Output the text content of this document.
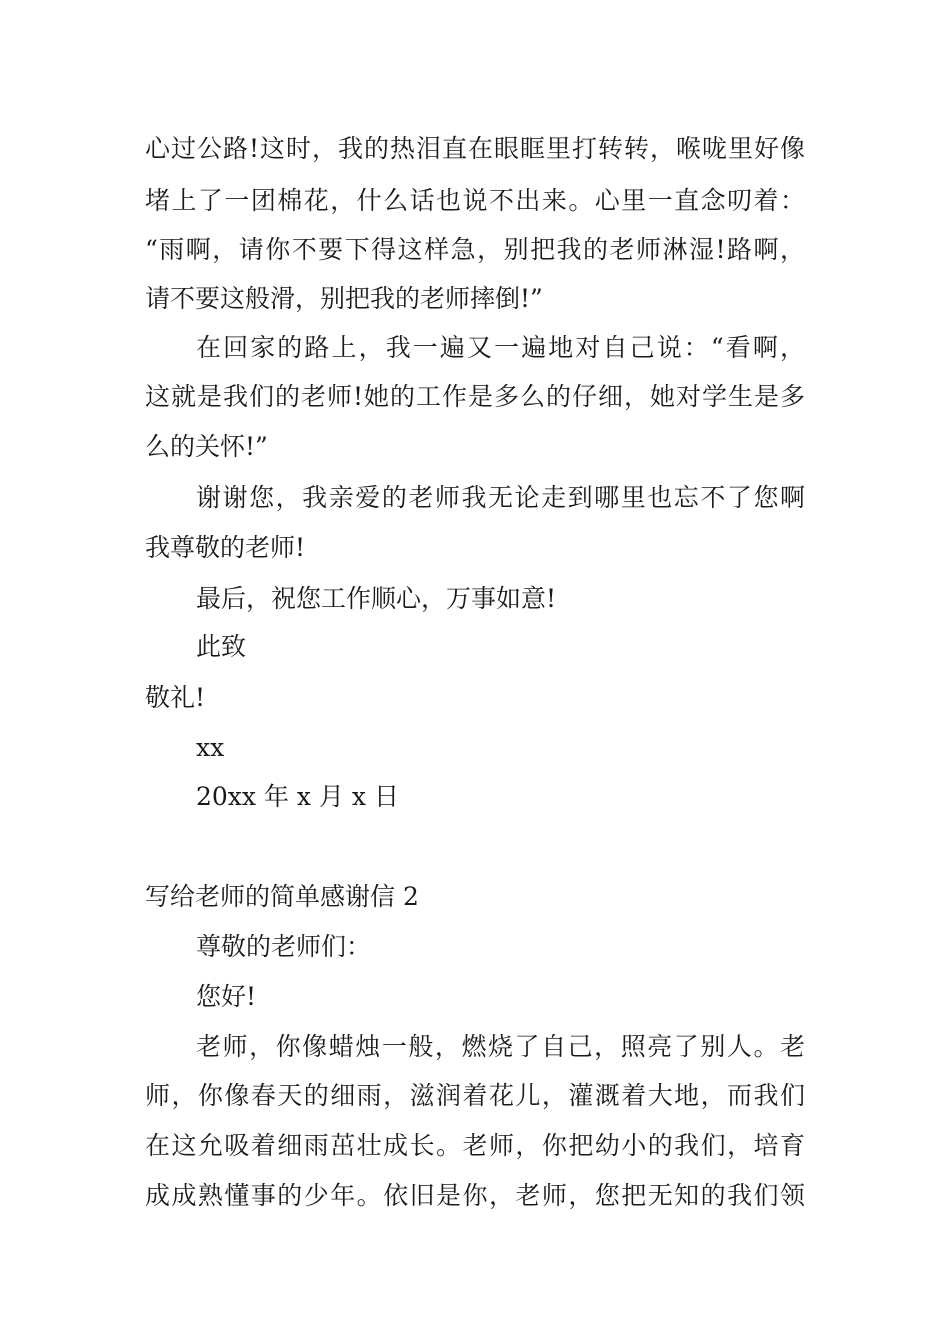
心过公路!这时，我的热泪直在眼眶里打转转，喉咙里好像
堵上了一团棉花，什么话也说不出来。心里一直念叨着：
“雨啊，请你不要下得这样急，别把我的老师淋湿!路啊，
请不要这般滑，别把我的老师摔倒!”
在回家的路上，我一遍又一遍地对自己说：“看啊，
这就是我们的老师!她的工作是多么的仔细，她对学生是多
么的关怀!”
谢谢您，我亲爱的老师我无论走到哪里也忘不了您啊
我尊敬的老师!
最后，祝您工作顺心，万事如意!
此致
敬礼!
xx
20xx 年 x 月 x 日
写给老师的简单感谢信 2
尊敬的老师们：
您好!
老师，你像蜡烛一般，燃烧了自己，照亮了别人。老
师，你像春天的细雨，滋润着花儿，灌溉着大地，而我们
在这允吸着细雨茁壮成长。老师，你把幼小的我们，培育
成成熟懂事的少年。依旧是你，老师，您把无知的我们领
